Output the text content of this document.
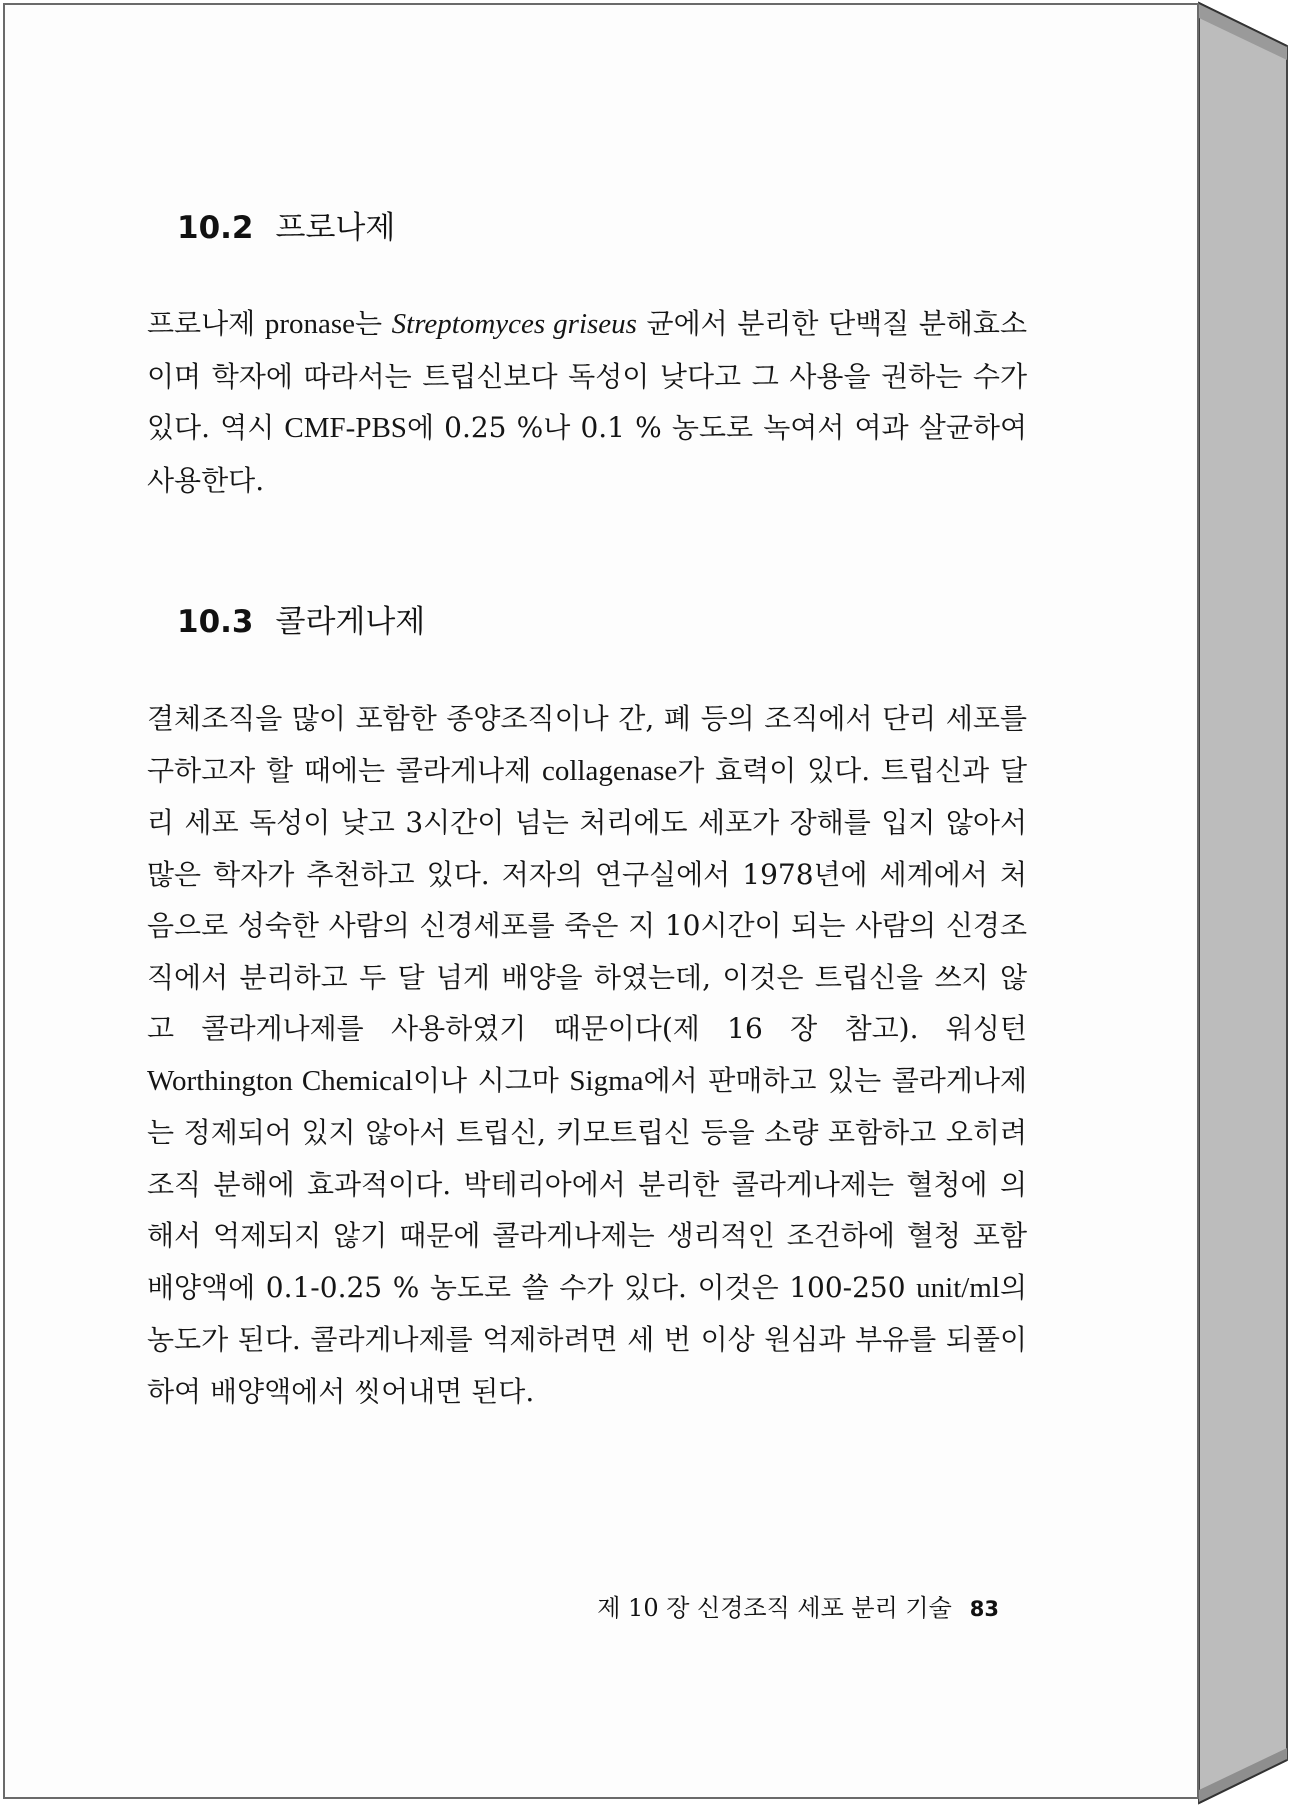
10.2 프로나제

프로나제 pronase는 Streptomyces griseus 균에서 분리한 단백질 분해효소이며 학자에 따라서는 트립신보다 독성이 낮다고 그 사용을 권하는 수가 있다. 역시 CMF-PBS에 0.25 %나 0.1 % 농도로 녹여서 여과 살균하여 사용한다.

10.3 콜라게나제

결체조직을 많이 포함한 종양조직이나 간, 폐 등의 조직에서 단리 세포를 구하고자 할 때에는 콜라게나제 collagenase가 효력이 있다. 트립신과 달리 세포 독성이 낮고 3시간이 넘는 처리에도 세포가 장해를 입지 않아서 많은 학자가 추천하고 있다. 저자의 연구실에서 1978년에 세계에서 처음으로 성숙한 사람의 신경세포를 죽은 지 10시간이 되는 사람의 신경조직에서 분리하고 두 달 넘게 배양을 하였는데, 이것은 트립신을 쓰지 않고 콜라게나제를 사용하였기 때문이다(제 16 장 참고). 워싱턴 Worthington Chemical이나 시그마 Sigma에서 판매하고 있는 콜라게나제는 정제되어 있지 않아서 트립신, 키모트립신 등을 소량 포함하고 오히려 조직 분해에 효과적이다. 박테리아에서 분리한 콜라게나제는 혈청에 의해서 억제되지 않기 때문에 콜라게나제는 생리적인 조건하에 혈청 포함 배양액에 0.1-0.25 % 농도로 쓸 수가 있다. 이것은 100-250 unit/ml의 농도가 된다. 콜라게나제를 억제하려면 세 번 이상 원심과 부유를 되풀이하여 배양액에서 씻어내면 된다.

제 10 장 신경조직 세포 분리 기술 83
